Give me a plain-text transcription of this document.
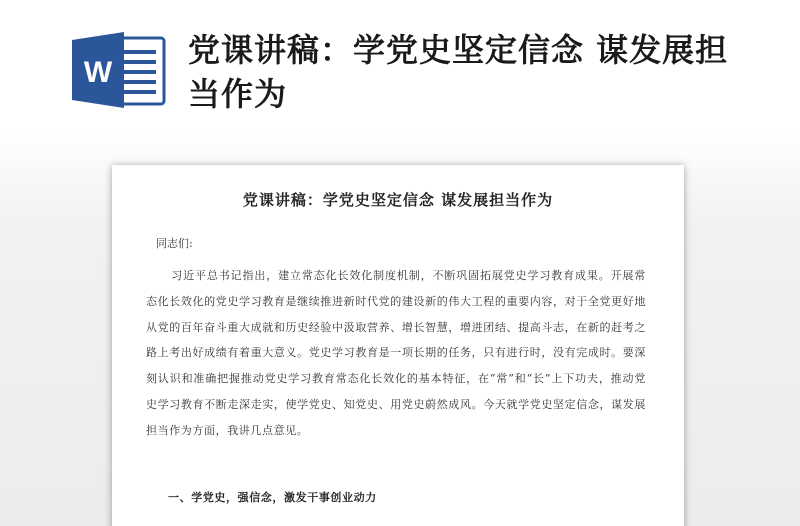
W
党课讲稿：学党史坚定信念 谋发展担当作为
党课讲稿：学党史坚定信念 谋发展担当作为
同志们:
习近平总书记指出，建立常态化长效化制度机制，不断巩固拓展党史学习教育成果。开展常态化长效化的党史学习教育是继续推进新时代党的建设新的伟大工程的重要内容，对于全党更好地从党的百年奋斗重大成就和历史经验中汲取营养、增长智慧，增进团结、提高斗志，在新的赶考之路上考出好成绩有着重大意义。党史学习教育是一项长期的任务，只有进行时，没有完成时。要深刻认识和准确把握推动党史学习教育常态化长效化的基本特征，在“常”和“长”上下功夫，推动党史学习教育不断走深走实，使学党史、知党史、用党史蔚然成风。今天就学党史坚定信念，谋发展担当作为方面，我讲几点意见。
一、学党史，强信念，激发干事创业动力
